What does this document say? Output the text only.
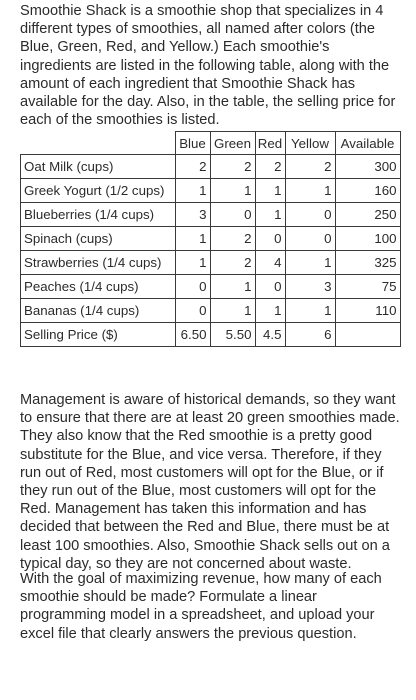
Smoothie Shack is a smoothie shop that specializes in 4 different types of smoothies, all named after colors (the Blue, Green, Red, and Yellow.) Each smoothie's ingredients are listed in the following table, along with the amount of each ingredient that Smoothie Shack has available for the day. Also, in the table, the selling price for each of the smoothies is listed.

	Blue	Green	Red	Yellow	Available
Oat Milk (cups)	2	2	2	2	300
Greek Yogurt (1/2 cups)	1	1	1	1	160
Blueberries (1/4 cups)	3	0	1	0	250
Spinach (cups)	1	2	0	0	100
Strawberries (1/4 cups)	1	2	4	1	325
Peaches (1/4 cups)	0	1	0	3	75
Bananas (1/4 cups)	0	1	1	1	110
Selling Price ($)	6.50	5.50	4.5	6	

Management is aware of historical demands, so they want to ensure that there are at least 20 green smoothies made. They also know that the Red smoothie is a pretty good substitute for the Blue, and vice versa. Therefore, if they run out of Red, most customers will opt for the Blue, or if they run out of the Blue, most customers will opt for the Red. Management has taken this information and has decided that between the Red and Blue, there must be at least 100 smoothies. Also, Smoothie Shack sells out on a typical day, so they are not concerned about waste.

With the goal of maximizing revenue, how many of each smoothie should be made? Formulate a linear programming model in a spreadsheet, and upload your excel file that clearly answers the previous question.
